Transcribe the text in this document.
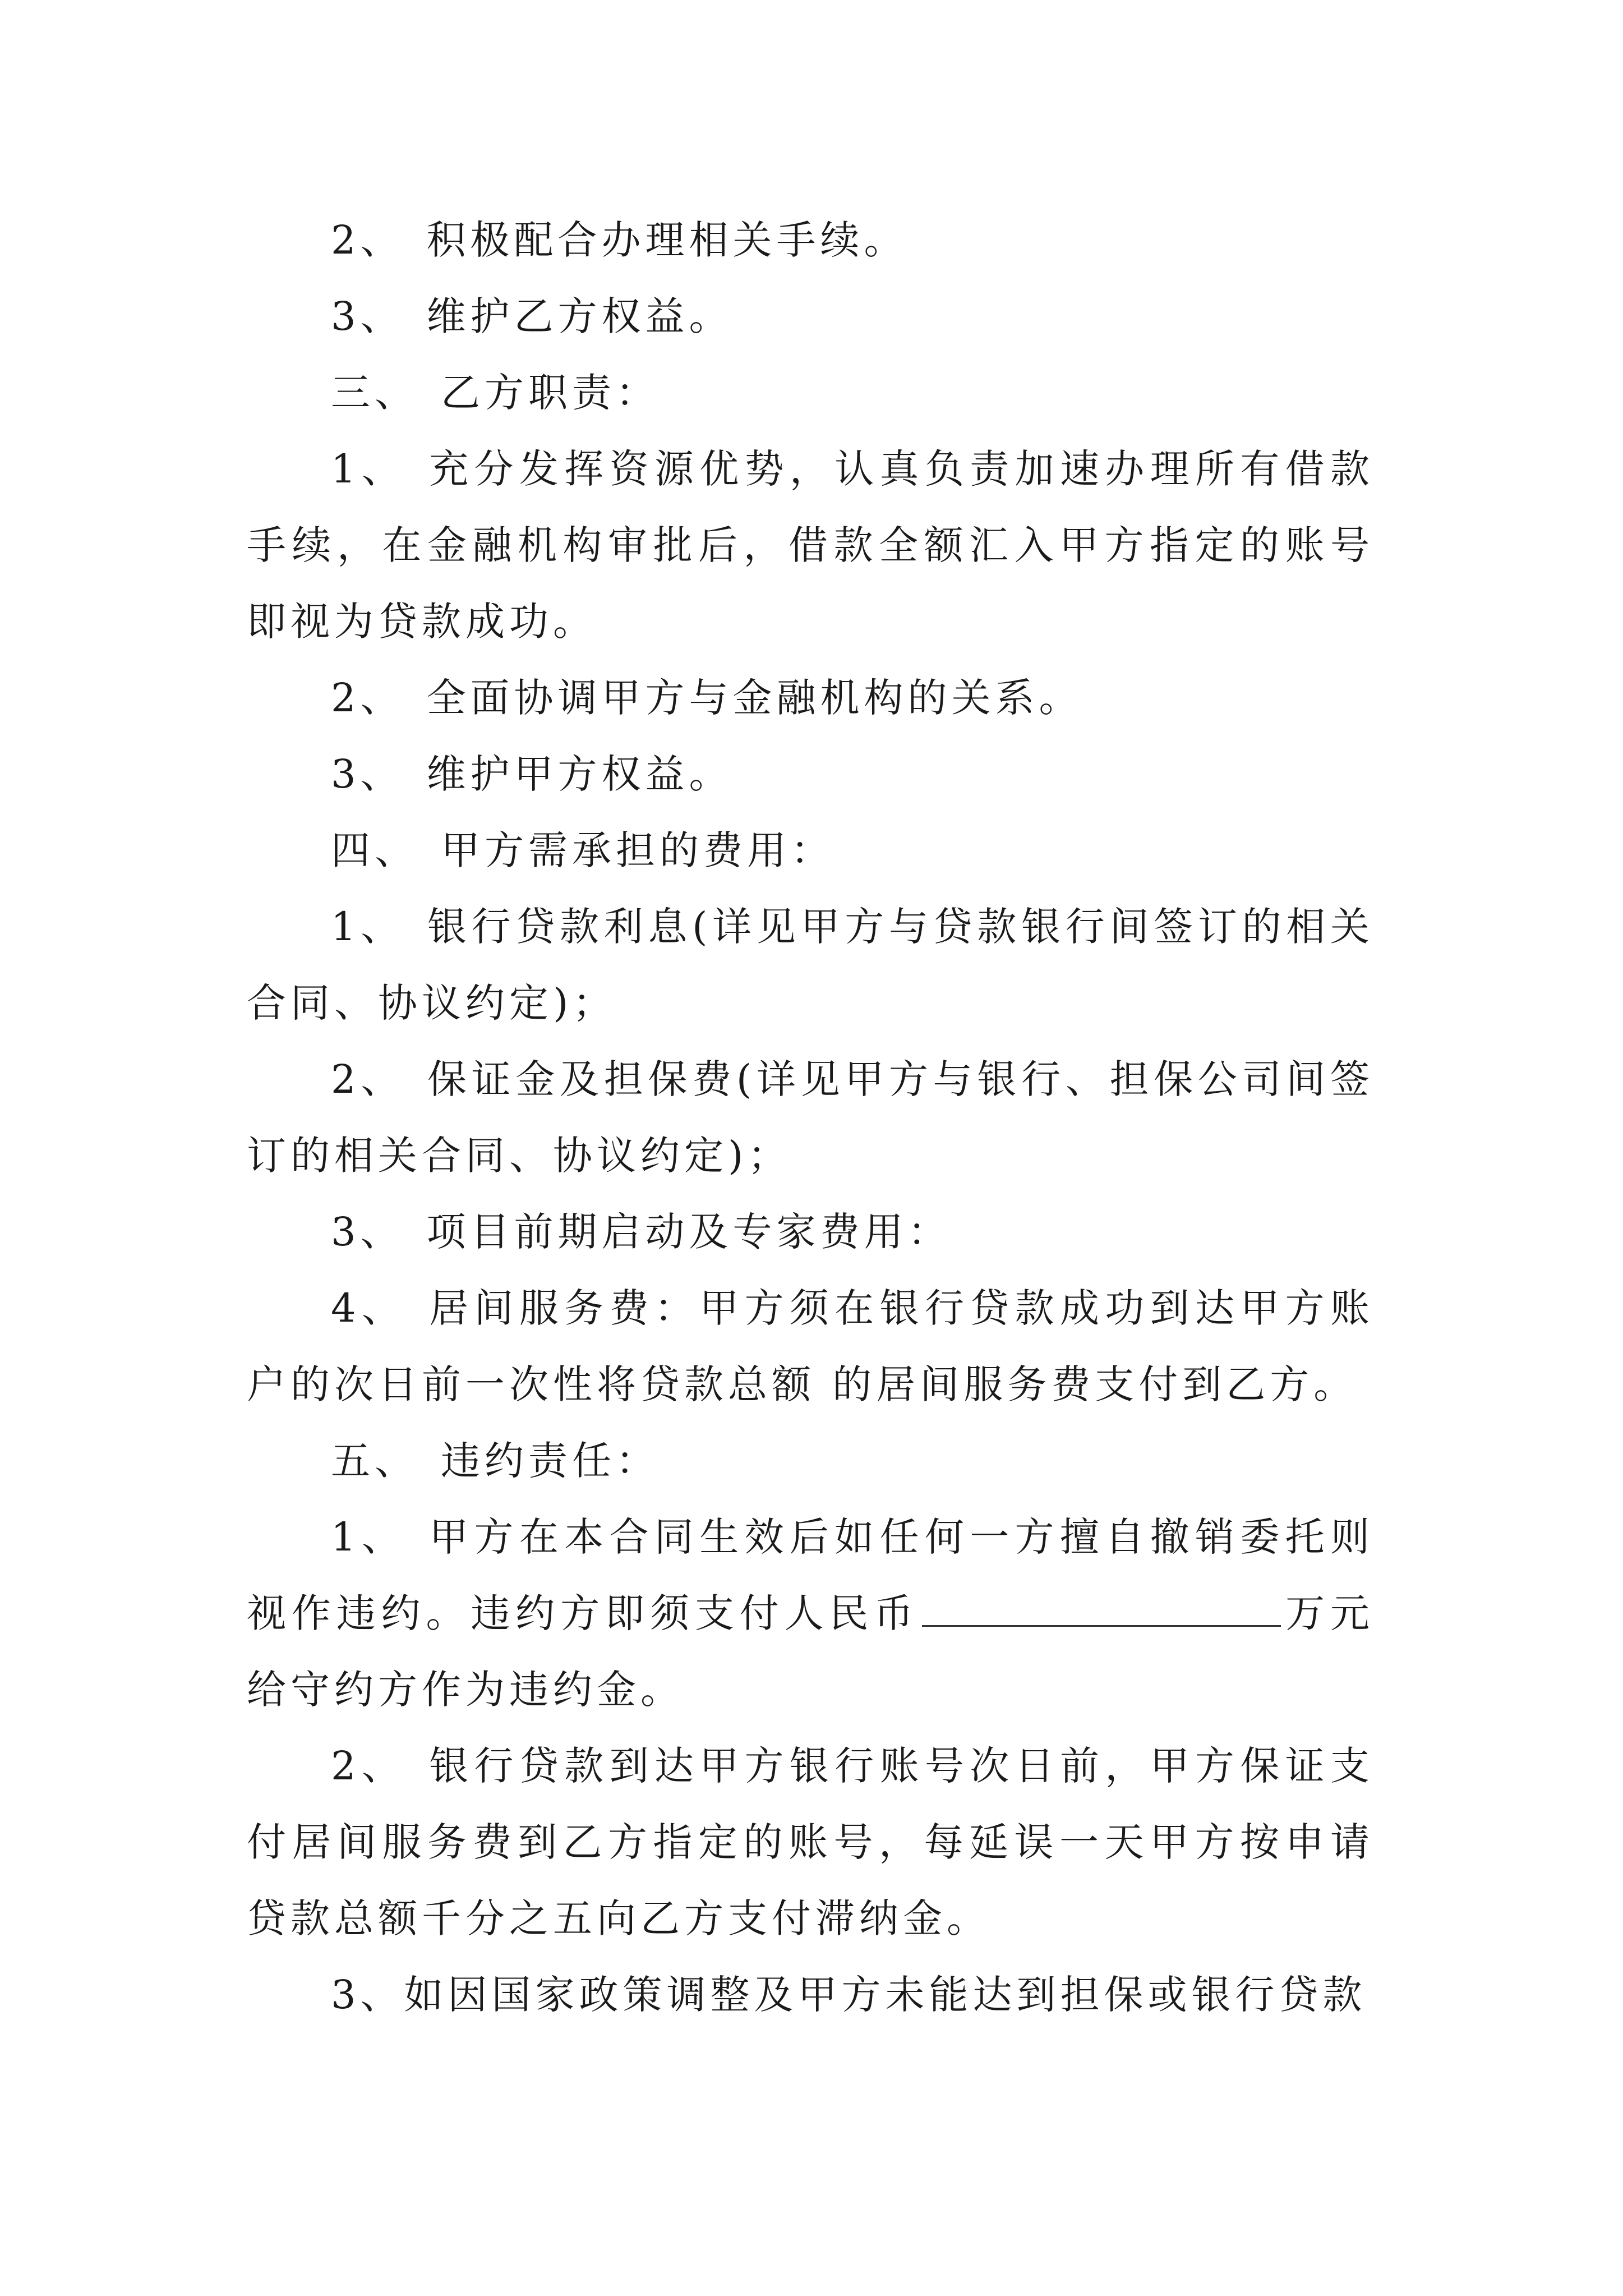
2、 积极配合办理相关手续。

3、 维护乙方权益。

三、 乙方职责：

1、 充分发挥资源优势，认真负责加速办理所有借款手续，在金融机构审批后，借款全额汇入甲方指定的账号即视为贷款成功。

2、 全面协调甲方与金融机构的关系。

3、 维护甲方权益。

四、 甲方需承担的费用：

1、 银行贷款利息(详见甲方与贷款银行间签订的相关合同、协议约定)；

2、 保证金及担保费(详见甲方与银行、担保公司间签订的相关合同、协议约定)；

3、 项目前期启动及专家费用：

4、 居间服务费：甲方须在银行贷款成功到达甲方账户的次日前一次性将贷款总额 的居间服务费支付到乙方。

五、 违约责任：

1、 甲方在本合同生效后如任何一方擅自撤销委托则视作违约。违约方即须支付人民币	万元给守约方作为违约金。

2、 银行贷款到达甲方银行账号次日前，甲方保证支付居间服务费到乙方指定的账号，每延误一天甲方按申请贷款总额千分之五向乙方支付滞纳金。

3、如因国家政策调整及甲方未能达到担保或银行贷款
